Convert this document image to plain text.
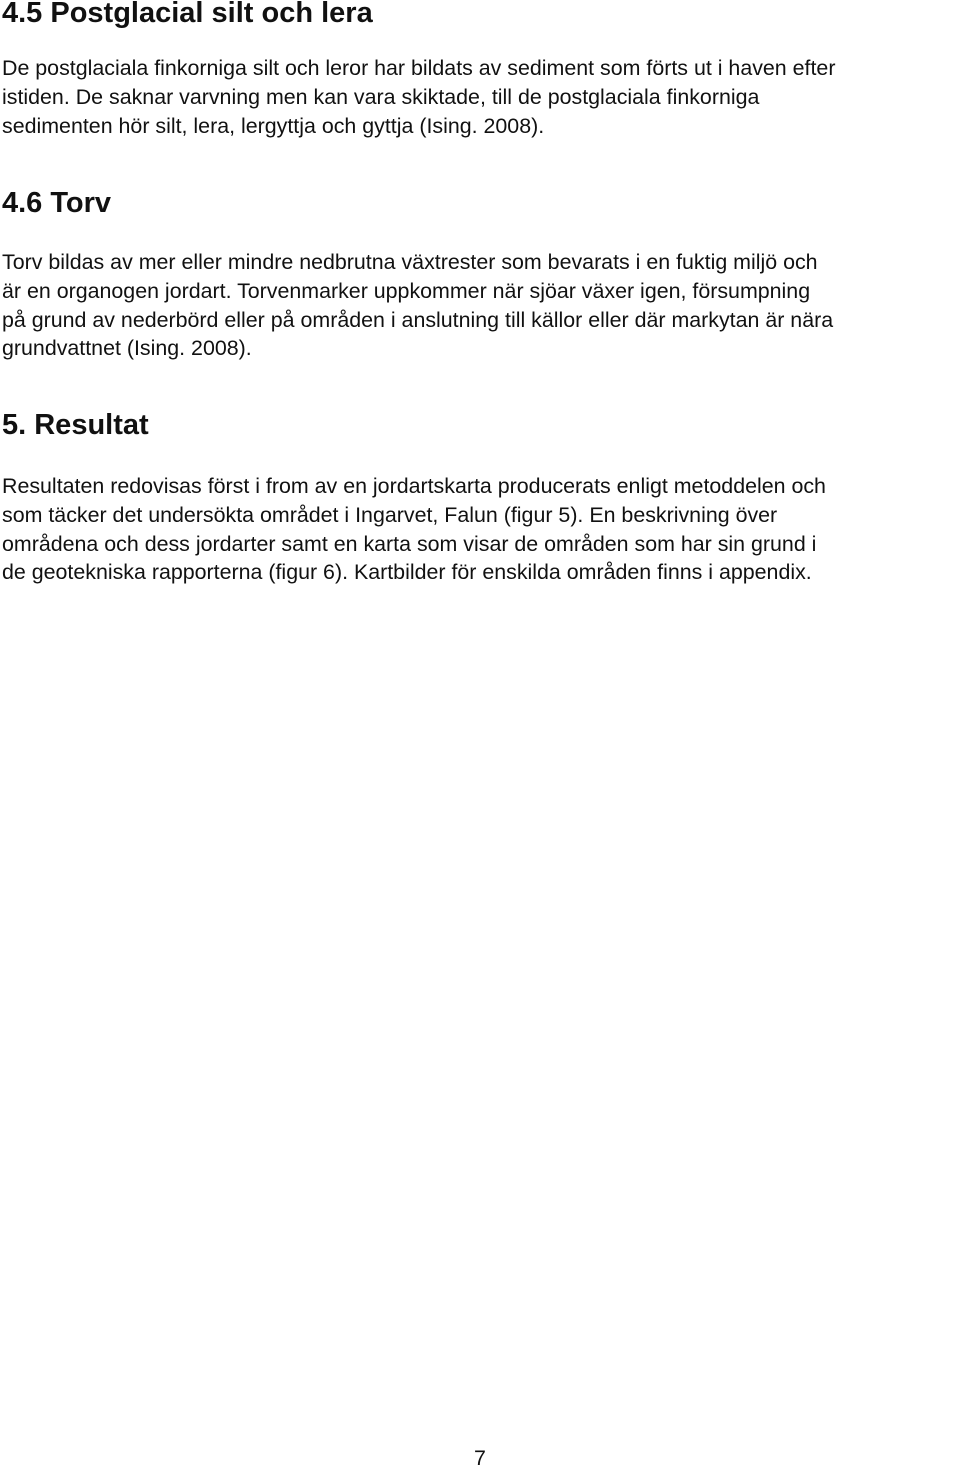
4.5 Postglacial silt och lera

De postglaciala finkorniga silt och leror har bildats av sediment som förts ut i haven efter
istiden. De saknar varvning men kan vara skiktade, till de postglaciala finkorniga
sedimenten hör silt, lera, lergyttja och gyttja (Ising. 2008).

4.6 Torv

Torv bildas av mer eller mindre nedbrutna växtrester som bevarats i en fuktig miljö och
är en organogen jordart. Torvenmarker uppkommer när sjöar växer igen, försumpning
på grund av nederbörd eller på områden i anslutning till källor eller där markytan är nära
grundvattnet (Ising. 2008).

5. Resultat

Resultaten redovisas först i from av en jordartskarta producerats enligt metoddelen och
som täcker det undersökta området i Ingarvet, Falun (figur 5). En beskrivning över
områdena och dess jordarter samt en karta som visar de områden som har sin grund i
de geotekniska rapporterna (figur 6). Kartbilder för enskilda områden finns i appendix.

7
